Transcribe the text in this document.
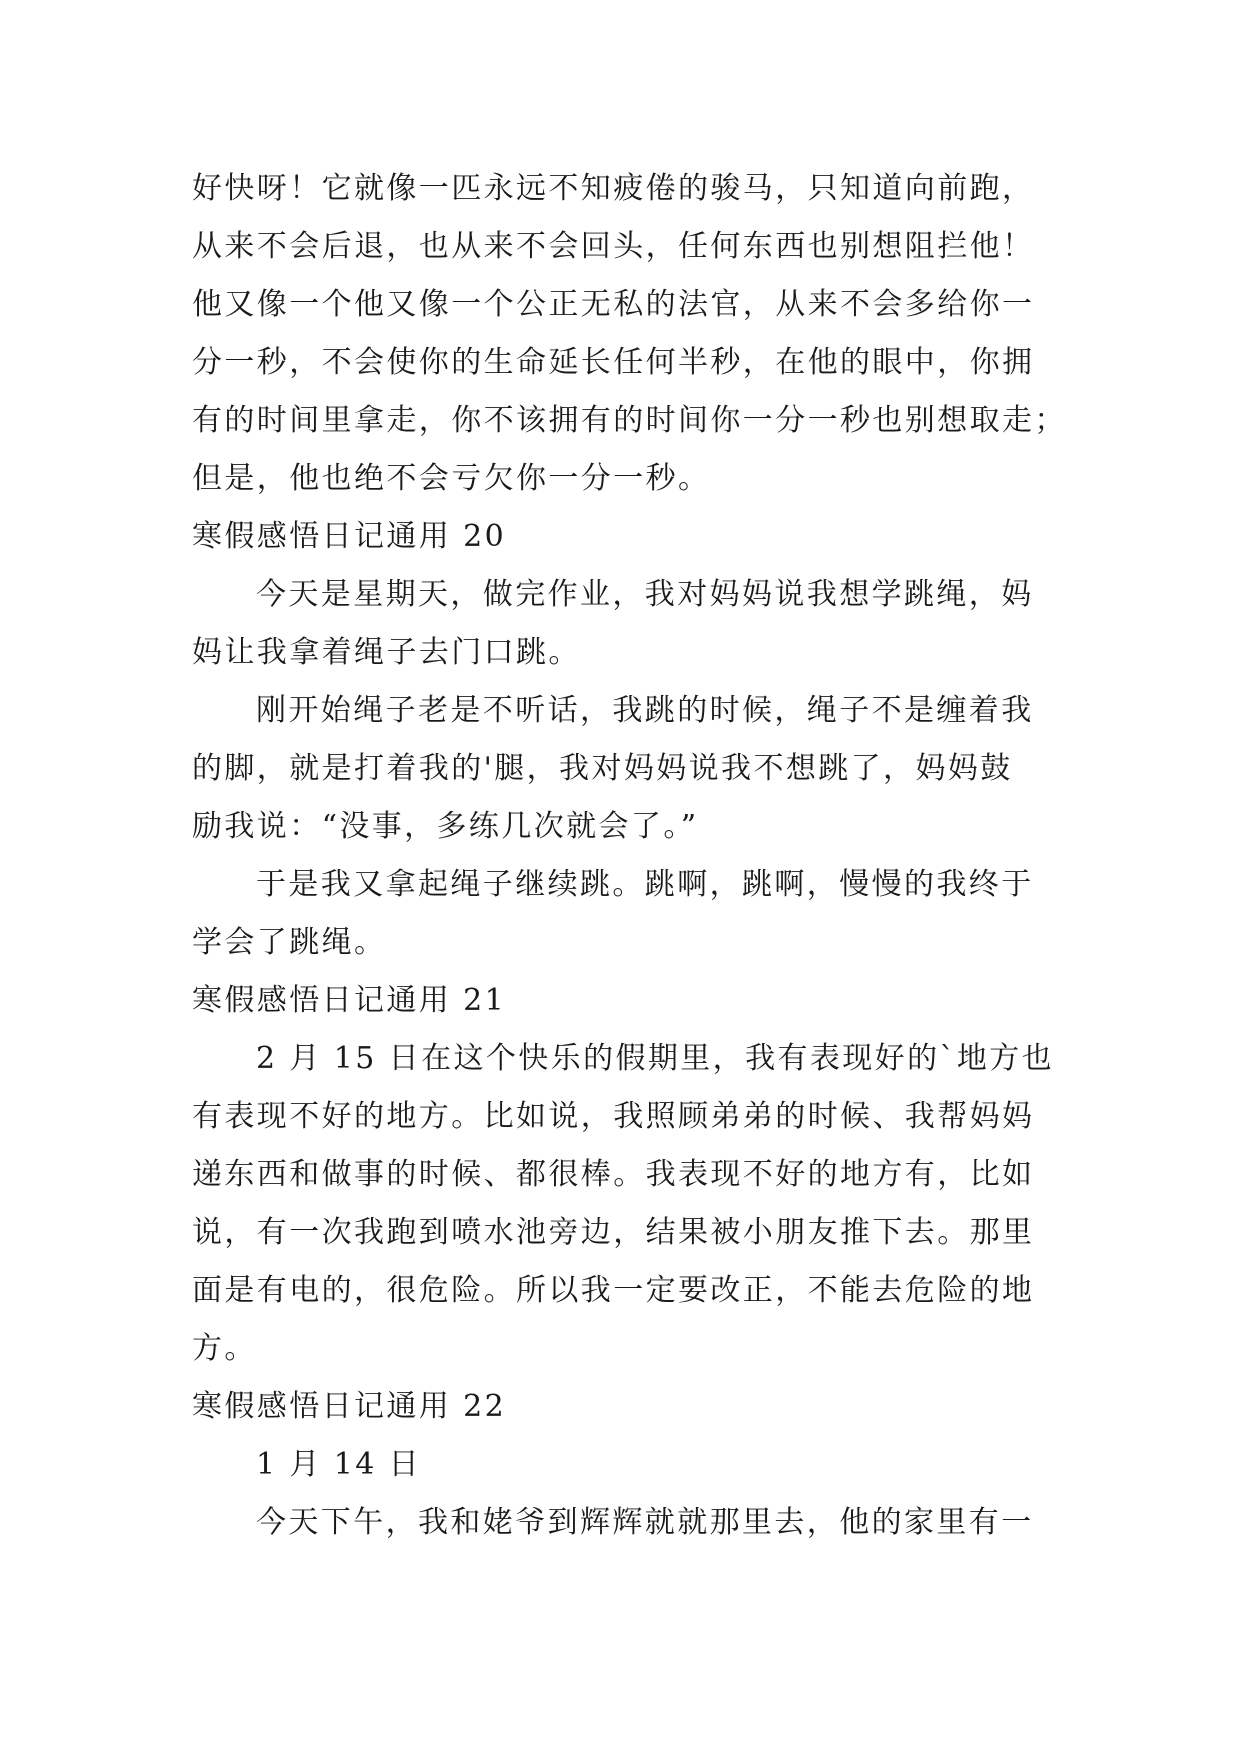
好快呀！它就像一匹永远不知疲倦的骏马，只知道向前跑，
从来不会后退，也从来不会回头，任何东西也别想阻拦他！
他又像一个他又像一个公正无私的法官，从来不会多给你一
分一秒，不会使你的生命延长任何半秒，在他的眼中，你拥
有的时间里拿走，你不该拥有的时间你一分一秒也别想取走；
但是，他也绝不会亏欠你一分一秒。

寒假感悟日记通用 20

今天是星期天，做完作业，我对妈妈说我想学跳绳，妈
妈让我拿着绳子去门口跳。

刚开始绳子老是不听话，我跳的时候，绳子不是缠着我
的脚，就是打着我的'腿，我对妈妈说我不想跳了，妈妈鼓
励我说：“没事，多练几次就会了。”

于是我又拿起绳子继续跳。跳啊，跳啊，慢慢的我终于
学会了跳绳。

寒假感悟日记通用 21

2 月 15 日在这个快乐的假期里，我有表现好的`地方也
有表现不好的地方。比如说，我照顾弟弟的时候、我帮妈妈
递东西和做事的时候、都很棒。我表现不好的地方有，比如
说，有一次我跑到喷水池旁边，结果被小朋友推下去。那里
面是有电的，很危险。所以我一定要改正，不能去危险的地
方。

寒假感悟日记通用 22

1 月 14 日

今天下午，我和姥爷到辉辉就就那里去，他的家里有一
